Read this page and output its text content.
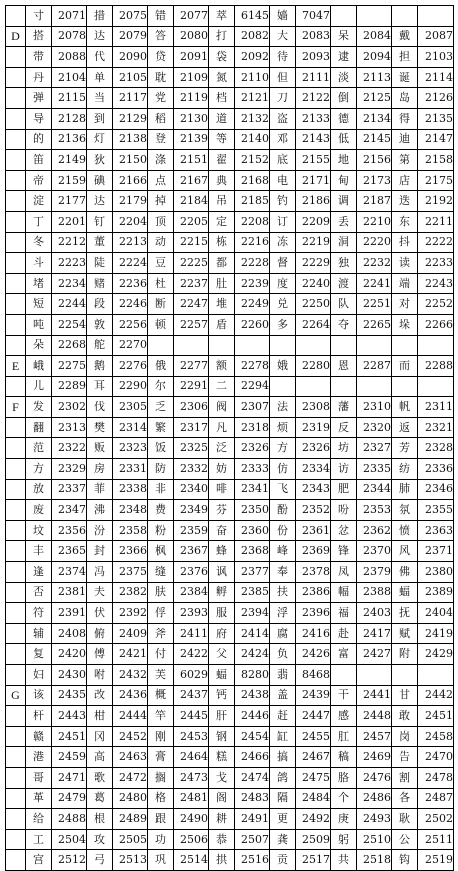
	寸	2071	措	2075	错	2077	萃	6145	嫱	7047				
D	搭	2078	达	2079	答	2080	打	2082	大	2083	呆	2084	戴	2087
	带	2088	代	2090	贷	2091	袋	2092	待	2093	逮	2094	担	2103
	丹	2104	单	2105	耽	2109	氮	2110	但	2111	淡	2113	诞	2114
	弹	2115	当	2117	党	2119	档	2121	刀	2122	倒	2125	岛	2126
	导	2128	到	2129	稻	2130	道	2132	盗	2133	德	2134	得	2135
	的	2136	灯	2138	登	2139	等	2140	邓	2143	低	2145	迪	2147
	笛	2149	狄	2150	涤	2151	翟	2152	底	2155	地	2156	第	2158
	帝	2159	碘	2166	点	2167	典	2168	电	2171	甸	2173	店	2175
	淀	2177	达	2179	掉	2184	吊	2185	钓	2186	调	2187	迭	2192
	丁	2201	钉	2204	顶	2205	定	2208	订	2209	丢	2210	东	2211
	冬	2212	董	2213	动	2215	栋	2216	冻	2219	洞	2220	抖	2222
	斗	2223	陡	2224	豆	2225	都	2228	督	2229	独	2232	读	2233
	堵	2234	赌	2236	杜	2237	肚	2239	度	2240	渡	2241	端	2243
	短	2244	段	2246	断	2247	堆	2249	兑	2250	队	2251	对	2252
	吨	2254	敦	2256	顿	2257	盾	2260	多	2264	夺	2265	垛	2266
	朵	2268	舵	2270										
E	峨	2275	鹅	2276	俄	2277	额	2278	娥	2280	恩	2287	而	2288
	儿	2289	耳	2290	尔	2291	二	2294						
F	发	2302	伐	2305	乏	2306	阀	2307	法	2308	藩	2310	帆	2311
	翻	2313	樊	2314	繁	2317	凡	2318	烦	2319	反	2320	返	2321
	范	2322	贩	2323	饭	2325	泛	2326	方	2326	坊	2327	芳	2328
	方	2329	房	2331	防	2332	妨	2333	仿	2334	访	2335	纺	2336
	放	2337	菲	2338	非	2340	啡	2341	飞	2343	肥	2344	肺	2346
	废	2347	沸	2348	费	2349	芬	2350	酚	2352	吩	2353	氛	2355
	坟	2356	汾	2358	粉	2359	奋	2360	份	2361	忿	2362	愤	2363
	丰	2365	封	2366	枫	2367	蜂	2368	峰	2369	锋	2370	风	2371
	逢	2374	冯	2375	缝	2376	讽	2377	奉	2378	凤	2379	佛	2380
	否	2381	夫	2382	肤	2384	孵	2385	扶	2386	幅	2388	蝠	2389
	符	2391	伏	2392	俘	2393	服	2394	浮	2396	福	2403	抚	2404
	辅	2408	俯	2409	斧	2411	府	2414	腐	2416	赴	2417	赋	2419
	复	2420	傅	2421	付	2422	父	2424	负	2426	富	2427	附	2429
	妇	2430	咐	2432	芙	6029	蝠	8280	翡	8468				
G	该	2435	改	2436	概	2437	钙	2438	盖	2439	干	2441	甘	2442
	杆	2443	柑	2444	竿	2445	肝	2446	赶	2447	感	2448	敢	2451
	赣	2451	冈	2452	刚	2453	钢	2454	缸	2455	肛	2457	岗	2458
	港	2459	高	2463	膏	2464	糕	2466	搞	2467	稿	2469	告	2470
	哥	2471	歌	2472	搁	2473	戈	2474	鸽	2475	胳	2476	割	2478
	革	2479	葛	2480	格	2481	阁	2483	隔	2484	个	2486	各	2487
	给	2488	根	2489	跟	2490	耕	2491	更	2492	庚	2493	耿	2502
	工	2504	攻	2505	功	2506	恭	2507	龚	2509	躬	2510	公	2511
	宫	2512	弓	2513	巩	2514	拱	2516	贡	2517	共	2518	钩	2519
